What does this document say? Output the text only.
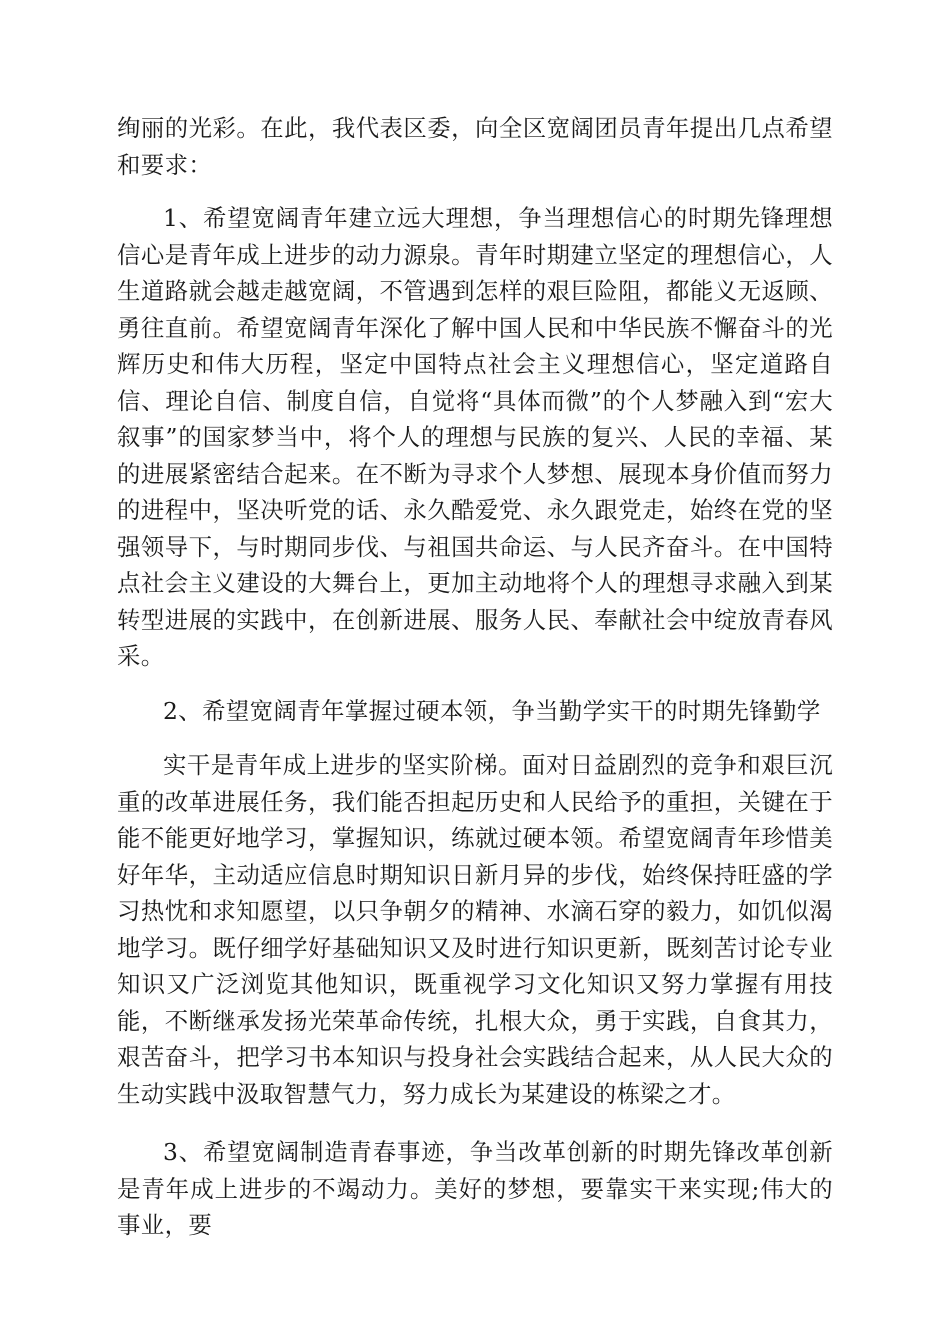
绚丽的光彩。在此，我代表区委，向全区宽阔团员青年提出几点希望和要求：

1、希望宽阔青年建立远大理想，争当理想信心的时期先锋理想信心是青年成上进步的动力源泉。青年时期建立坚定的理想信心，人生道路就会越走越宽阔，不管遇到怎样的艰巨险阻，都能义无返顾、勇往直前。希望宽阔青年深化了解中国人民和中华民族不懈奋斗的光辉历史和伟大历程，坚定中国特点社会主义理想信心，坚定道路自信、理论自信、制度自信，自觉将“具体而微”的个人梦融入到“宏大叙事”的国家梦当中，将个人的理想与民族的复兴、人民的幸福、某的进展紧密结合起来。在不断为寻求个人梦想、展现本身价值而努力的进程中，坚决听党的话、永久酷爱党、永久跟党走，始终在党的坚强领导下，与时期同步伐、与祖国共命运、与人民齐奋斗。在中国特点社会主义建设的大舞台上，更加主动地将个人的理想寻求融入到某转型进展的实践中，在创新进展、服务人民、奉献社会中绽放青春风采。

2、希望宽阔青年掌握过硬本领，争当勤学实干的时期先锋勤学

实干是青年成上进步的坚实阶梯。面对日益剧烈的竞争和艰巨沉重的改革进展任务，我们能否担起历史和人民给予的重担，关键在于能不能更好地学习，掌握知识，练就过硬本领。希望宽阔青年珍惜美好年华，主动适应信息时期知识日新月异的步伐，始终保持旺盛的学习热忱和求知愿望，以只争朝夕的精神、水滴石穿的毅力，如饥似渴地学习。既仔细学好基础知识又及时进行知识更新，既刻苦讨论专业知识又广泛浏览其他知识，既重视学习文化知识又努力掌握有用技能，不断继承发扬光荣革命传统，扎根大众，勇于实践，自食其力，艰苦奋斗，把学习书本知识与投身社会实践结合起来，从人民大众的生动实践中汲取智慧气力，努力成长为某建设的栋梁之才。

3、希望宽阔制造青春事迹，争当改革创新的时期先锋改革创新是青年成上进步的不竭动力。美好的梦想，要靠实干来实现;伟大的事业，要
